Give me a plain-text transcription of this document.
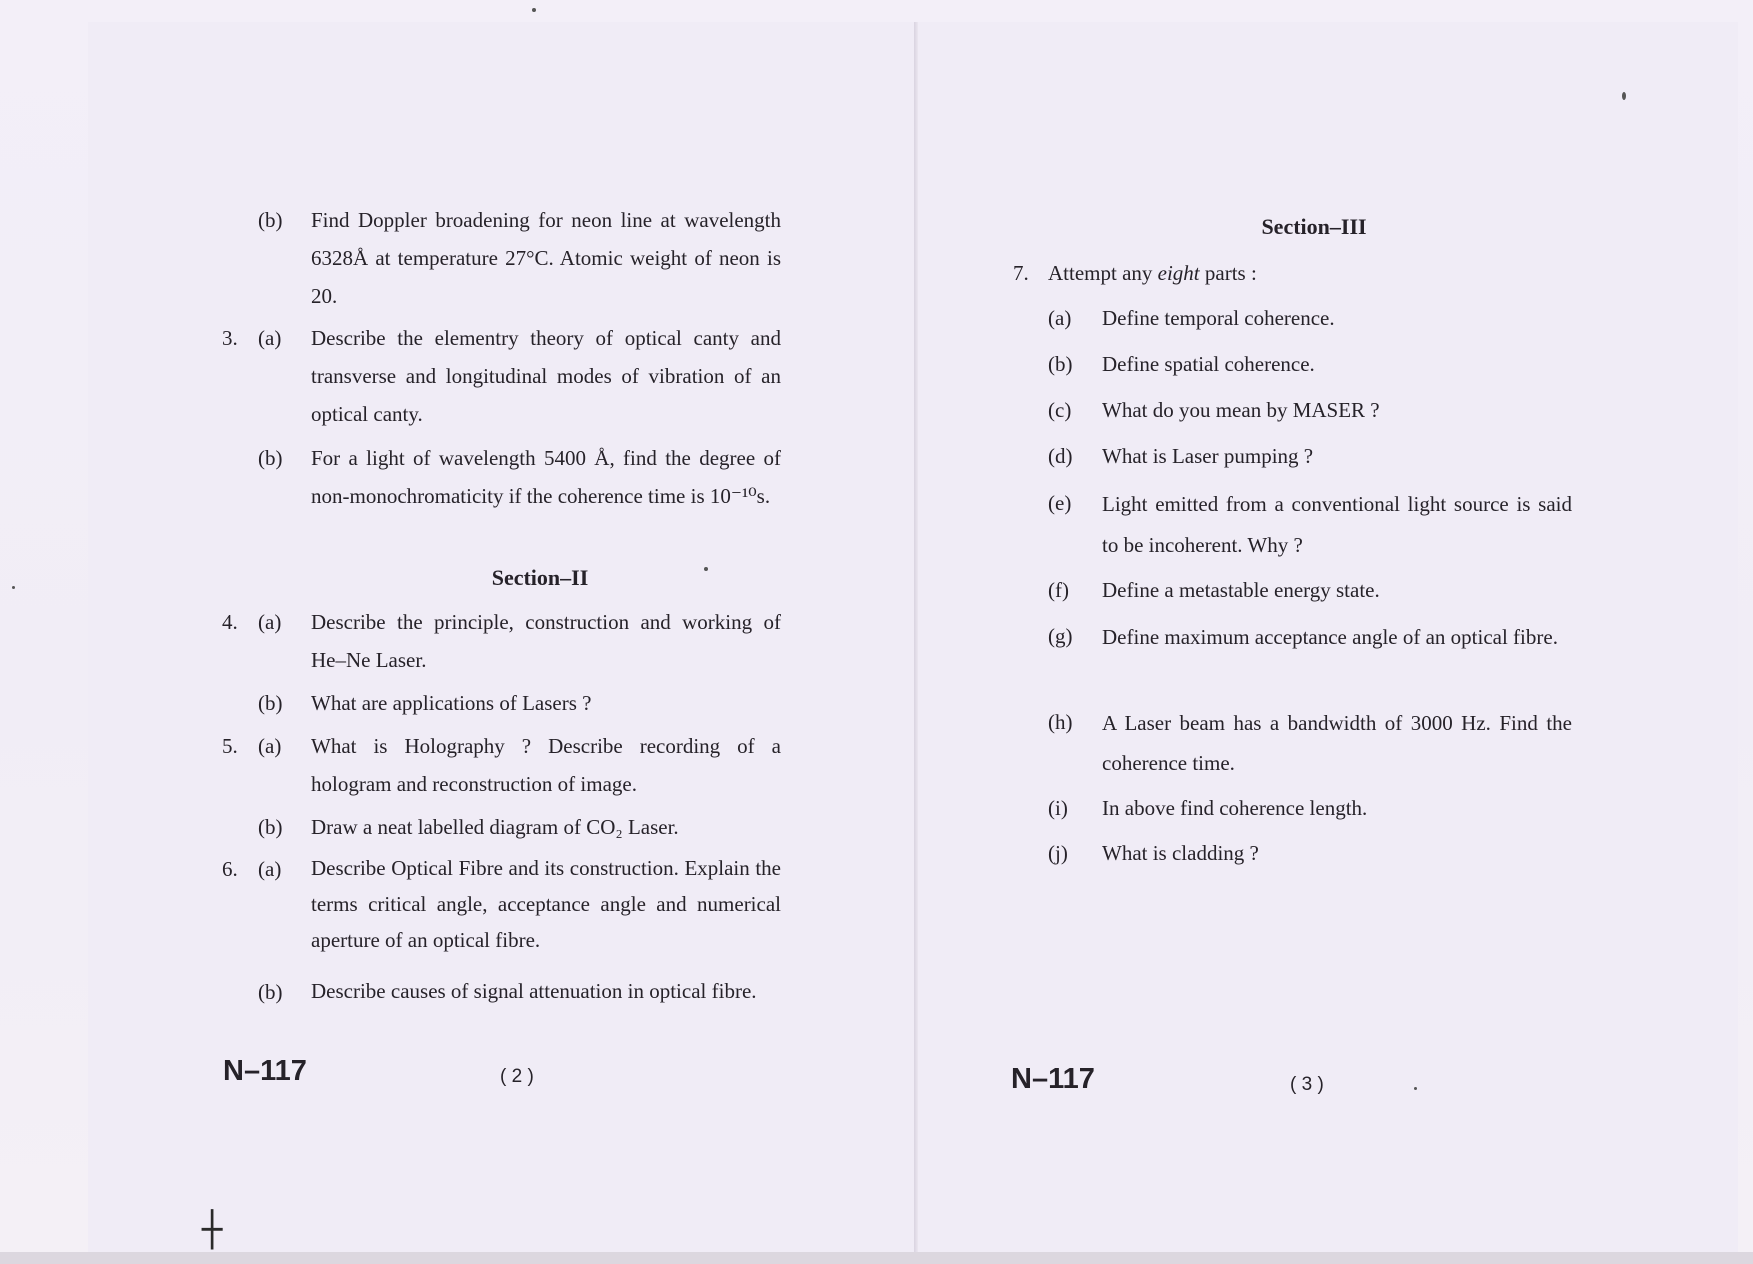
(b) Find Doppler broadening for neon line at wavelength 6328Å at temperature 27°C. Atomic weight of neon is 20.
3. (a) Describe the elementry theory of optical canty and transverse and longitudinal modes of vibration of an optical canty.
(b) For a light of wavelength 5400 Å, find the degree of non-monochromaticity if the coherence time is 10⁻¹⁰s.
Section–II
4. (a) Describe the principle, construction and working of He–Ne Laser.
(b) What are applications of Lasers ?
5. (a) What is Holography ? Describe recording of a hologram and reconstruction of image.
(b) Draw a neat labelled diagram of CO₂ Laser.
6. (a) Describe Optical Fibre and its construction. Explain the terms critical angle, acceptance angle and numerical aperture of an optical fibre.
(b) Describe causes of signal attenuation in optical fibre.
N–117	( 2 )
Section–III
7. Attempt any eight parts :
(a) Define temporal coherence.
(b) Define spatial coherence.
(c) What do you mean by MASER ?
(d) What is Laser pumping ?
(e) Light emitted from a conventional light source is said to be incoherent. Why ?
(f) Define a metastable energy state.
(g) Define maximum acceptance angle of an optical fibre.
(h) A Laser beam has a bandwidth of 3000 Hz. Find the coherence time.
(i) In above find coherence length.
(j) What is cladding ?
N–117	( 3 )
┼
